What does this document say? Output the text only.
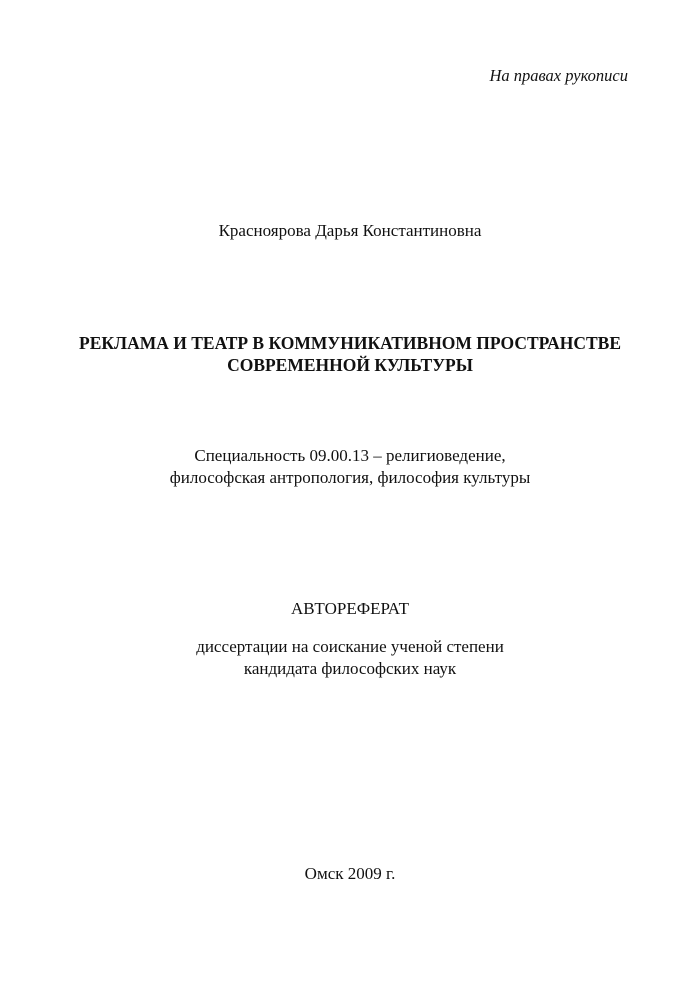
На правах рукописи
Красноярова Дарья Константиновна
РЕКЛАМА И ТЕАТР В КОММУНИКАТИВНОМ ПРОСТРАНСТВЕ
СОВРЕМЕННОЙ КУЛЬТУРЫ
Специальность 09.00.13 – религиоведение,
философская антропология, философия культуры
АВТОРЕФЕРАТ
диссертации на соискание ученой степени
кандидата философских наук
Омск 2009 г.
